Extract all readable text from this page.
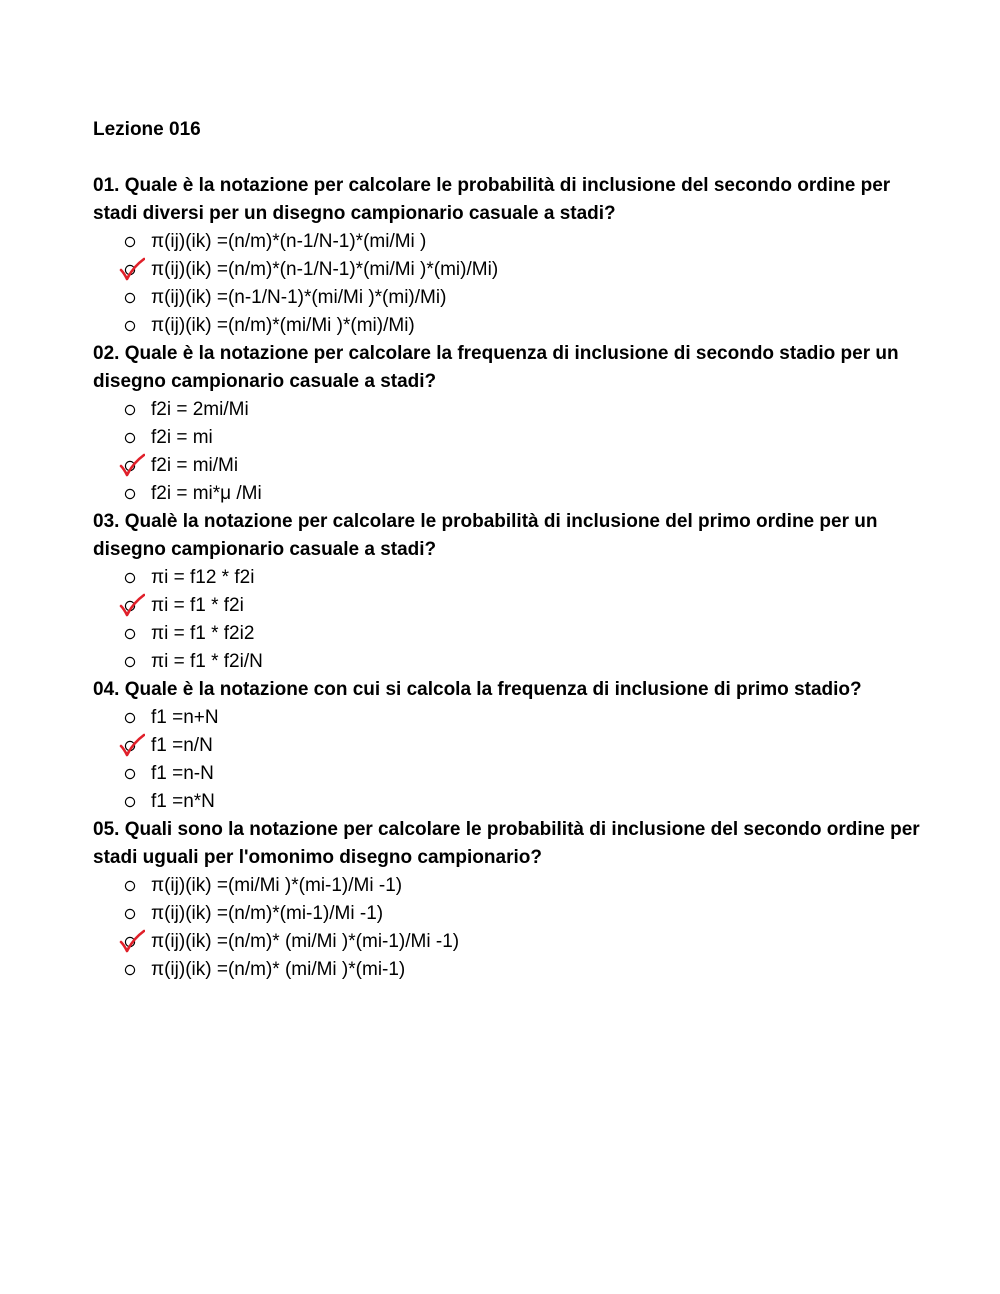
Lezione 016

01. Quale è la notazione per calcolare le probabilità di inclusione del secondo ordine per stadi diversi per un disegno campionario casuale a stadi?

π(ij)(ik) =(n/m)*(n-1/N-1)*(mi/Mi )
π(ij)(ik) =(n/m)*(n-1/N-1)*(mi/Mi )*(mi)/Mi)
π(ij)(ik) =(n-1/N-1)*(mi/Mi )*(mi)/Mi)
π(ij)(ik) =(n/m)*(mi/Mi )*(mi)/Mi)

02. Quale è la notazione per calcolare la frequenza di inclusione di secondo stadio per un disegno campionario casuale a stadi?

f2i = 2mi/Mi
f2i = mi
f2i = mi/Mi
f2i = mi*μ /Mi

03. Qualè la notazione per calcolare le probabilità di inclusione del primo ordine per un disegno campionario casuale a stadi?

πi = f12 * f2i
πi = f1 * f2i
πi = f1 * f2i2
πi = f1 * f2i/N

04. Quale è la notazione con cui si calcola la frequenza di inclusione di primo stadio?

f1 =n+N
f1 =n/N
f1 =n-N
f1 =n*N

05. Quali sono la notazione per calcolare le probabilità di inclusione del secondo ordine per stadi uguali per l'omonimo disegno campionario?

π(ij)(ik) =(mi/Mi )*(mi-1)/Mi -1)
π(ij)(ik) =(n/m)*(mi-1)/Mi -1)
π(ij)(ik) =(n/m)* (mi/Mi )*(mi-1)/Mi -1)
π(ij)(ik) =(n/m)* (mi/Mi )*(mi-1)
